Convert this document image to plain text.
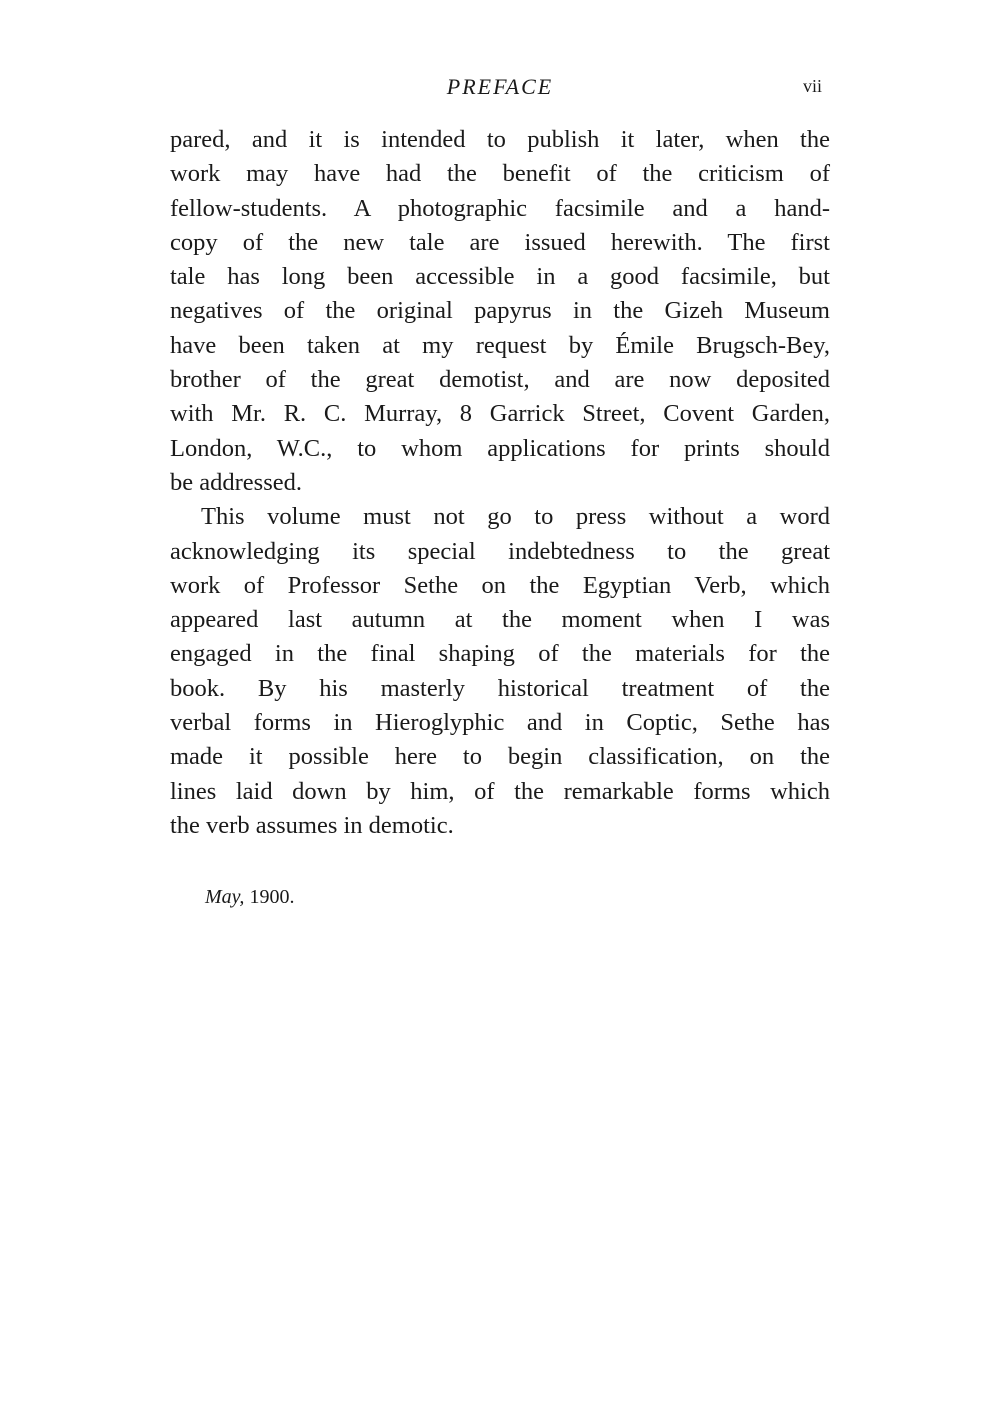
PREFACE	vii
pared, and it is intended to publish it later, when the
work may have had the benefit of the criticism of
fellow-students. A photographic facsimile and a hand-
copy of the new tale are issued herewith. The first
tale has long been accessible in a good facsimile, but
negatives of the original papyrus in the Gizeh Museum
have been taken at my request by Émile Brugsch-Bey,
brother of the great demotist, and are now deposited
with Mr. R. C. Murray, 8 Garrick Street, Covent Garden,
London, W.C., to whom applications for prints should
be addressed.
This volume must not go to press without a word
acknowledging its special indebtedness to the great
work of Professor Sethe on the Egyptian Verb, which
appeared last autumn at the moment when I was
engaged in the final shaping of the materials for the
book. By his masterly historical treatment of the
verbal forms in Hieroglyphic and in Coptic, Sethe has
made it possible here to begin classification, on the
lines laid down by him, of the remarkable forms which
the verb assumes in demotic.
May, 1900.
